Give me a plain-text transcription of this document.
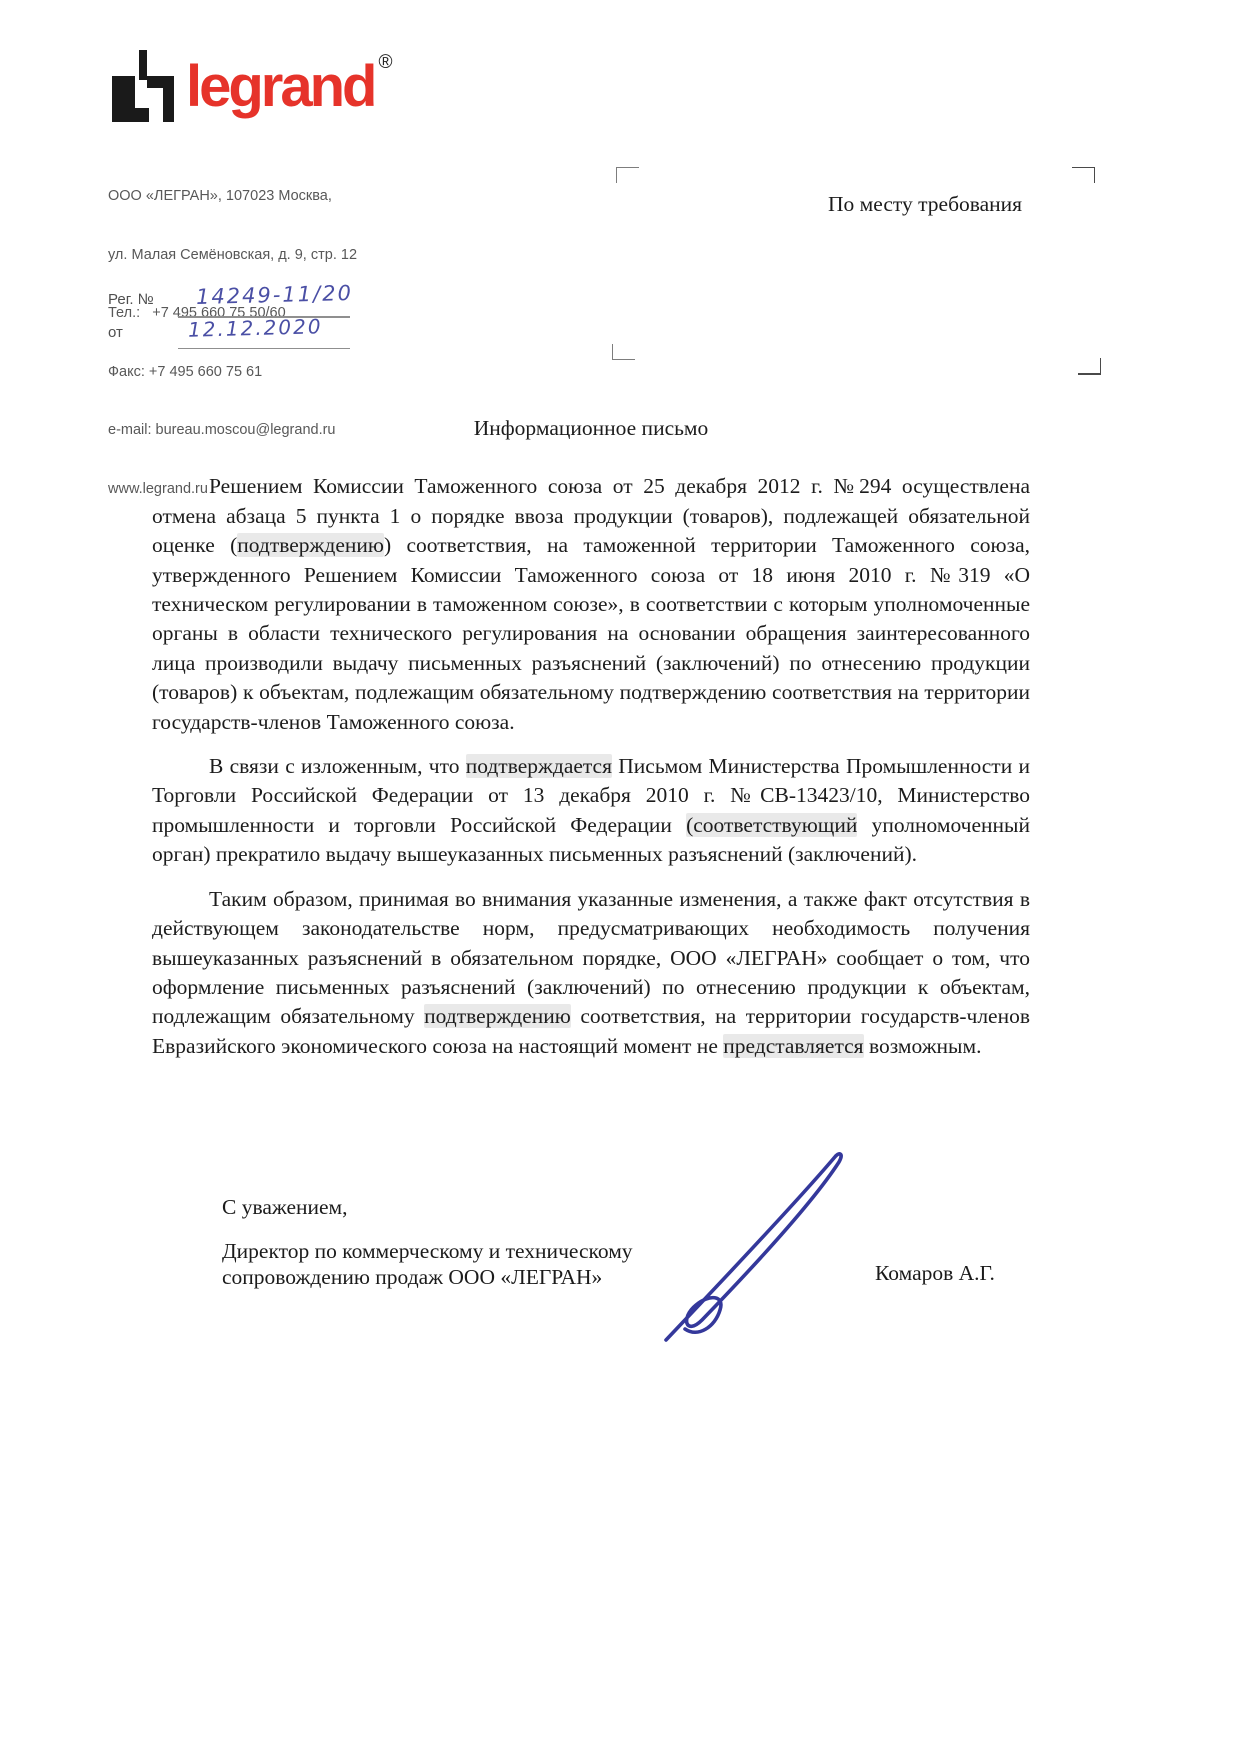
legrand ®

ООО «ЛЕГРАН», 107023 Москва,

ул. Малая Семёновская, д. 9, стр. 12

Тел.:   +7 495 660 75 50/60

Факс: +7 495 660 75 61

e-mail: bureau.moscou@legrand.ru

www.legrand.ru

Рег. № 14249-11/20
от	12.12.2020
По месту требования

Информационное письмо

Решением Комиссии Таможенного союза от 25 декабря 2012 г. №294 осуществлена отмена абзаца 5 пункта 1 о порядке ввоза продукции (товаров), подлежащей обязательной оценке (подтверждению) соответствия, на таможенной территории Таможенного союза, утвержденного Решением Комиссии Таможенного союза от 18 июня 2010 г. №319 «О техническом регулировании в таможенном союзе», в соответствии с которым уполномоченные органы в области технического регулирования на основании обращения заинтересованного лица производили выдачу письменных разъяснений (заключений) по отнесению продукции (товаров) к объектам, подлежащим обязательному подтверждению соответствия на территории государств-членов Таможенного союза.

В связи с изложенным, что подтверждается Письмом Министерства Промышленности и Торговли Российской Федерации от 13 декабря 2010 г. №СВ-13423/10, Министерство промышленности и торговли Российской Федерации (соответствующий уполномоченный орган) прекратило выдачу вышеуказанных письменных разъяснений (заключений).

Таким образом, принимая во внимания указанные изменения, а также факт отсутствия в действующем законодательстве норм, предусматривающих необходимость получения вышеуказанных разъяснений в обязательном порядке, ООО «ЛЕГРАН» сообщает о том, что оформление письменных разъяснений (заключений) по отнесению продукции к объектам, подлежащим обязательному подтверждению соответствия, на территории государств-членов Евразийского экономического союза на настоящий момент не представляется возможным.

С уважением,
Директор по коммерческому и техническому
сопровождению продаж ООО «ЛЕГРАН»	Комаров А.Г.
